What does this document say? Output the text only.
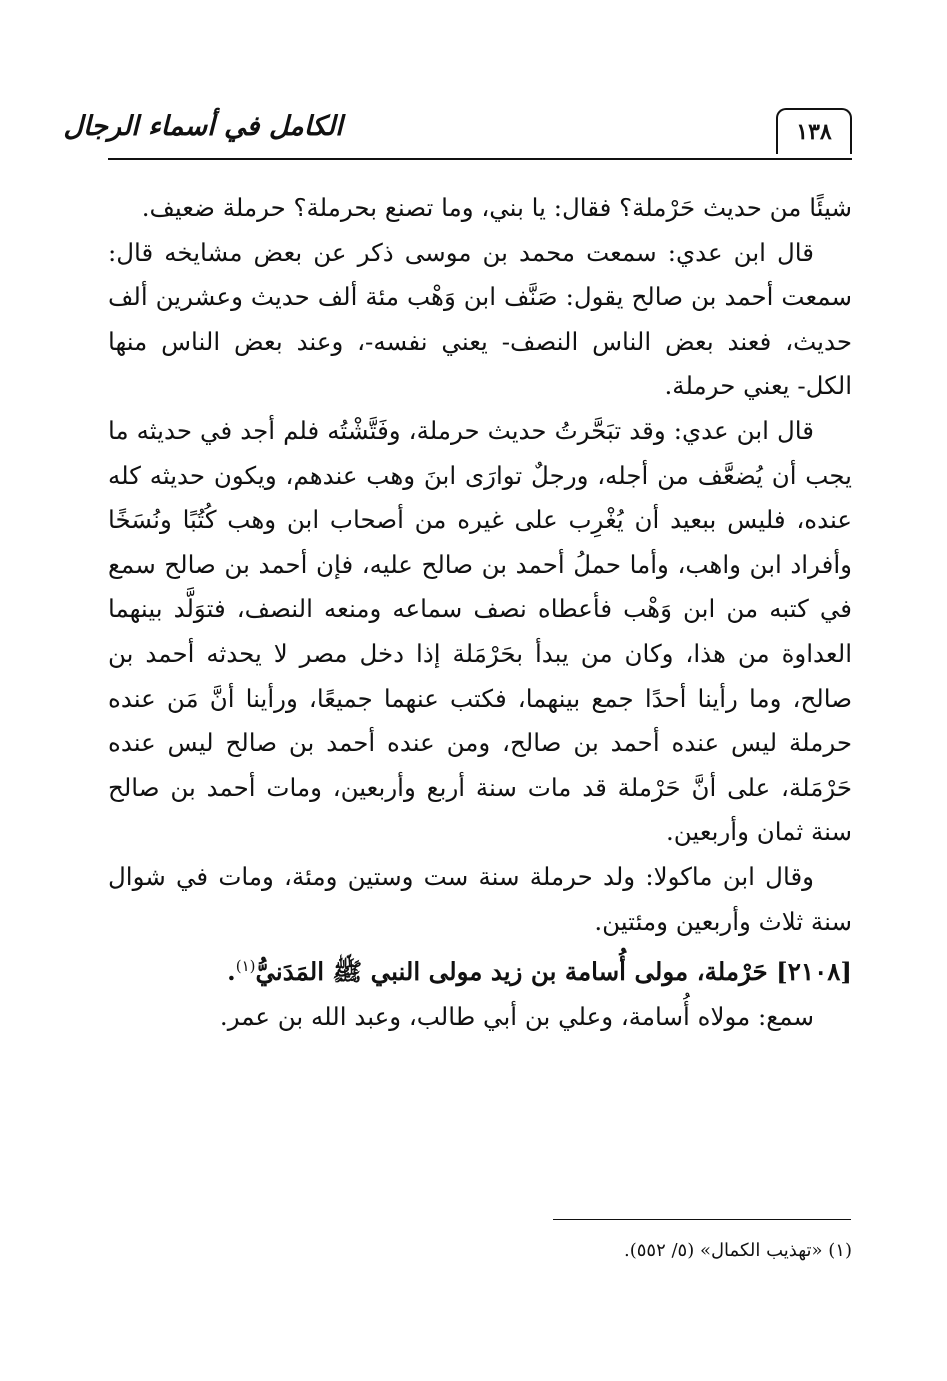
١٣٨
الكامل في أسماء الرجال

شيئًا من حديث حَرْملة؟ فقال: يا بني، وما تصنع بحرملة؟ حرملة ضعيف.

قال ابن عدي: سمعت محمد بن موسى ذكر عن بعض مشايخه قال: سمعت أحمد بن صالح يقول: صَنَّف ابن وَهْب مئة ألف حديث وعشرين ألف حديث، فعند بعض الناس النصف- يعني نفسه-، وعند بعض الناس منها الكل- يعني حرملة.

قال ابن عدي: وقد تبَحَّرتُ حديث حرملة، وفَتَّشْتُه فلم أجد في حديثه ما يجب أن يُضعَّف من أجله، ورجلٌ توارَى ابنَ وهب عندهم، ويكون حديثه كله عنده، فليس ببعيد أن يُغْرِب على غيره من أصحاب ابن وهب كُتُبًا ونُسَخًا وأفراد ابن واهب، وأما حملُ أحمد بن صالح عليه، فإن أحمد بن صالح سمع في كتبه من ابن وَهْب فأعطاه نصف سماعه ومنعه النصف، فتوَلَّد بينهما العداوة من هذا، وكان من يبدأ بحَرْمَلة إذا دخل مصر لا يحدثه أحمد بن صالح، وما رأينا أحدًا جمع بينهما، فكتب عنهما جميعًا، ورأينا أنَّ مَن عنده حرملة ليس عنده أحمد بن صالح، ومن عنده أحمد بن صالح ليس عنده حَرْمَلة، على أنَّ حَرْملة قد مات سنة أربع وأربعين، ومات أحمد بن صالح سنة ثمان وأربعين.

وقال ابن ماكولا: ولد حرملة سنة ست وستين ومئة، ومات في شوال سنة ثلاث وأربعين ومئتين.

[٢١٠٨] حَرْملة، مولى أُسامة بن زيد مولى النبي ﷺ المَدَنيُّ$^{(١)}$.

سمع: مولاه أُسامة، وعلي بن أبي طالب، وعبد الله بن عمر.

(١) «تهذيب الكمال» (٥/ ٥٥٢).
